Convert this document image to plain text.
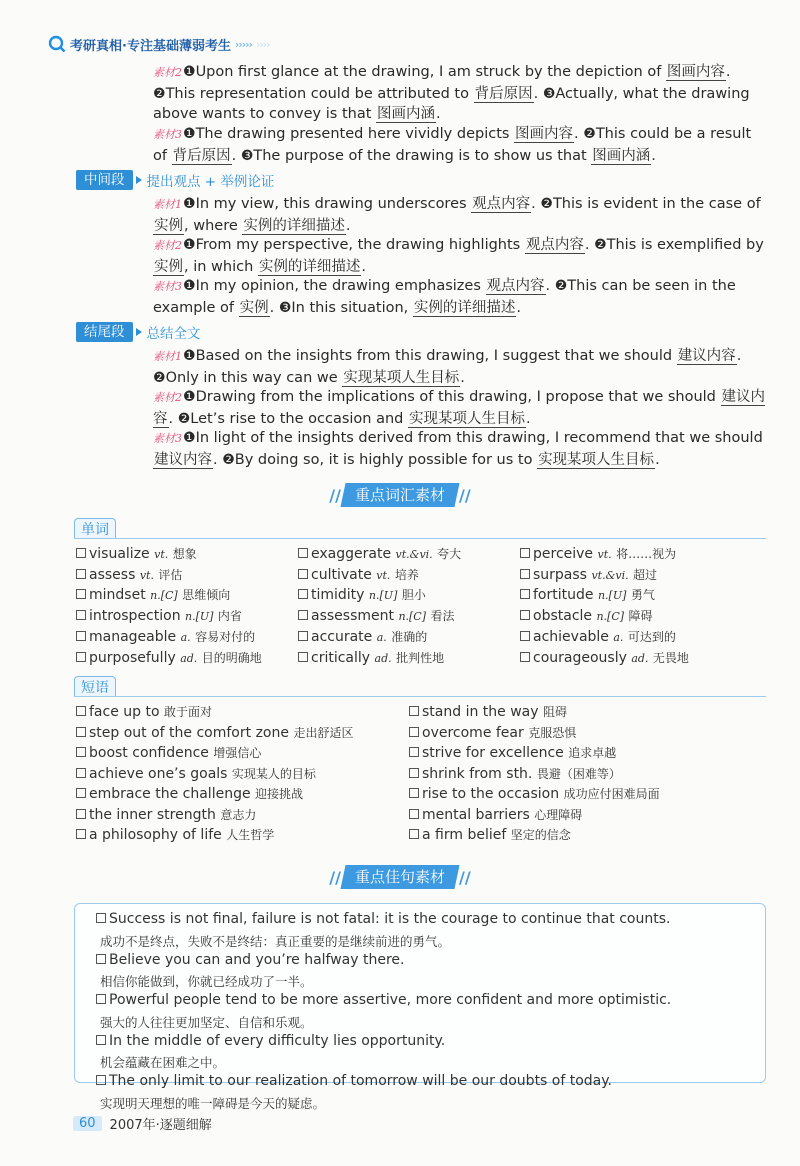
考研真相·专注基础薄弱考生 ››››› ››››
素材2❶Upon first glance at the drawing, I am struck by the depiction of 图画内容. ❷This representation could be attributed to 背后原因. ❸Actually, what the drawing above wants to convey is that 图画内涵.
素材3❶The drawing presented here vividly depicts 图画内容. ❷This could be a result of 背后原因. ❸The purpose of the drawing is to show us that 图画内涵.
中间段	提出观点 + 举例论证
素材1❶In my view, this drawing underscores 观点内容. ❷This is evident in the case of 实例, where 实例的详细描述.
素材2❶From my perspective, the drawing highlights 观点内容. ❷This is exemplified by 实例, in which 实例的详细描述.
素材3❶In my opinion, the drawing emphasizes 观点内容. ❷This can be seen in the example of 实例. ❸In this situation, 实例的详细描述.
结尾段	总结全文
素材1❶Based on the insights from this drawing, I suggest that we should 建议内容. ❷Only in this way can we 实现某项人生目标.
素材2❶Drawing from the implications of this drawing, I propose that we should 建议内容. ❷Let’s rise to the occasion and 实现某项人生目标.
素材3❶In light of the insights derived from this drawing, I recommend that we should 建议内容. ❷By doing so, it is highly possible for us to 实现某项人生目标.
// 重点词汇素材 //
单词
visualize vt. 想象	exaggerate vt.&vi. 夸大	perceive vt. 将……视为
assess vt. 评估	cultivate vt. 培养	surpass vt.&vi. 超过
mindset n.[C] 思维倾向	timidity n.[U] 胆小	fortitude n.[U] 勇气
introspection n.[U] 内省	assessment n.[C] 看法	obstacle n.[C] 障碍
manageable a. 容易对付的	accurate a. 准确的	achievable a. 可达到的
purposefully ad. 目的明确地	critically ad. 批判性地	courageously ad. 无畏地
短语
face up to 敢于面对	stand in the way 阻碍
step out of the comfort zone 走出舒适区	overcome fear 克服恐惧
boost confidence 增强信心	strive for excellence 追求卓越
achieve one’s goals 实现某人的目标	shrink from sth. 畏避（困难等）
embrace the challenge 迎接挑战	rise to the occasion 成功应付困难局面
the inner strength 意志力	mental barriers 心理障碍
a philosophy of life 人生哲学	a firm belief 坚定的信念
// 重点佳句素材 //
Success is not final, failure is not fatal: it is the courage to continue that counts.
成功不是终点，失败不是终结：真正重要的是继续前进的勇气。
Believe you can and you’re halfway there.
相信你能做到，你就已经成功了一半。
Powerful people tend to be more assertive, more confident and more optimistic.
强大的人往往更加坚定、自信和乐观。
In the middle of every difficulty lies opportunity.
机会蕴藏在困难之中。
The only limit to our realization of tomorrow will be our doubts of today.
实现明天理想的唯一障碍是今天的疑虑。
60	2007年·逐题细解
